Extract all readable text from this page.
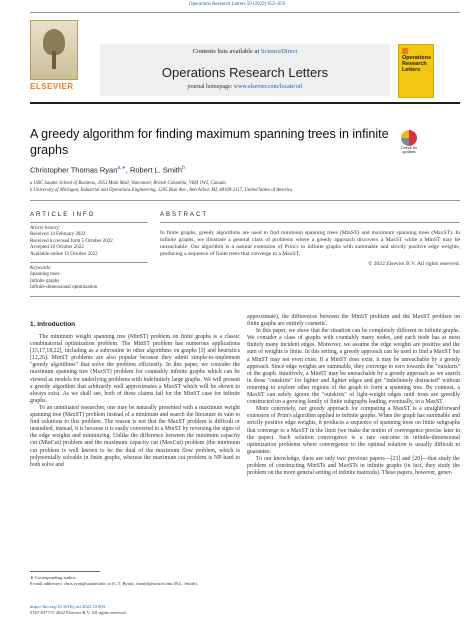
Operations Research Letters 50 (2022) 655–659
ELSEVIER
Contents lists available at ScienceDirect
Operations Research Letters
journal homepage: www.elsevier.com/locate/orl
Operations Research Letters
A greedy algorithm for finding maximum spanning trees in infinite graphs	Check for updates
Christopher Thomas Ryan$^{a,∗}$, Robert L. Smith$^b$
a UBC Sauder School of Business, 2053 Main Mall, Vancouver, British Columbia, V6M 1W2, Canada
b University of Michigan, Industrial and Operations Engineering, 1205 Beal Ave., Ann Arbor, MI, 48109-2117, United States of America
ARTICLE INFO
Article history:
Received 14 February 2022
Received in revised form 5 October 2022
Accepted 10 October 2022
Available online 13 October 2022
Keywords:
Spanning trees
Infinite graphs
Infinite-dimensional optimization
ABSTRACT
In finite graphs, greedy algorithms are used to find minimum spanning trees (MinST) and maximum spanning trees (MaxST). In infinite graphs, we illustrate a general class of problems where a greedy approach discovers a MaxST while a MinST may be unreachable. Our algorithm is a natural extension of Prim's to infinite graphs with summable and strictly positive edge weights, producing a sequence of finite trees that converge to a MaxST.
© 2022 Elsevier B.V. All rights reserved.
1. Introduction

The minimum weight spanning tree (MinST) problem on finite graphs is a classic combinatorial optimization problem. The MinST problem has numerous applications [15,17,18,22], including as a subroutine in other algorithms on graphs [3] and heuristics [12,26]. MinST problems are also popular because they admit simple-to-implement "greedy algorithms" that solve the problem efficiently. In this paper, we consider the maximum spanning tree (MaxST) problem for countably infinite graphs which can be viewed as models for underlying problems with indefinitely large graphs. We will present a greedy algorithm that arbitrarily well approximates a MaxST which will be shown to always exist. As we shall see, both of these claims fail for the MinST case for infinite graphs.

To an uninitiated researcher, one may be naturally presented with a maximum weight spanning tree (MaxST) problem instead of a minimum and search the literature in vain to find solutions to this problem. The reason is not that the MaxST problem is difficult or unstudied, instead, it is because it is easily converted to a MinST by reversing the signs of the edge weights and minimizing. Unlike the difference between the minimum capacity cut (MinCut) problem and the maximum capacity cut (MaxCut) problem (the minimum cut problem is well known to be the dual of the maximum flow problem, which is polynomially solvable in finite graphs, whereas the maximum cut problem is NP-hard to both solve and

approximate), the differences between the MinST problem and the MaxST problem on finite graphs are entirely cosmetic.

In this paper, we show that the situation can be completely different in infinite graphs. We consider a class of graphs with countably many nodes, and each node has at most finitely many incident edges. Moreover, we assume the edge weights are positive and the sum of weights is finite. In this setting, a greedy approach can be used to find a MaxST but a MinST may not even exist. If a MinST does exist, it may be unreachable by a greedy approach. Since edge weights are summable, they converge to zero towards the "outskirts" of the graph. Intuitively, a MinST may be unreachable by a greedy approach as we search in these "outskirts" for lighter and lighter edges and get "indefinitely distracted" without returning to explore other regions of the graph to form a spanning tree. By contrast, a MaxST can safely ignore the "outskirts" of light-weight edges until trees are greedily constructed on a growing family of finite subgraphs leading, eventually, to a MaxST.

More concretely, our greedy approach for computing a MaxST is a straightforward extension of Prim's algorithm applied to infinite graphs. When the graph has summable and strictly positive edge weights, it produces a sequence of spanning trees on finite subgraphs that converge to a MaxST in the limit (we make the notion of convergence precise later in the paper). Such solution convergence is a rare outcome in infinite-dimensional optimization problems where convergence to the optimal solution is usually difficult to guarantee.

To our knowledge, there are only two previous papers—[23] and [20]—that study the problem of constructing MinSTs and MaxSTs in infinite graphs (in fact, they study the problem on the more general setting of infinite matroids). These papers, however, gener-

∗ Corresponding author.
E-mail addresses: chris.ryan@sauder.ubc.ca (C.T. Ryan), rlsmith@umich.edu (R.L. Smith).
https://doi.org/10.1016/j.orl.2022.10.004
0167-6377/© 2022 Elsevier B.V. All rights reserved.
